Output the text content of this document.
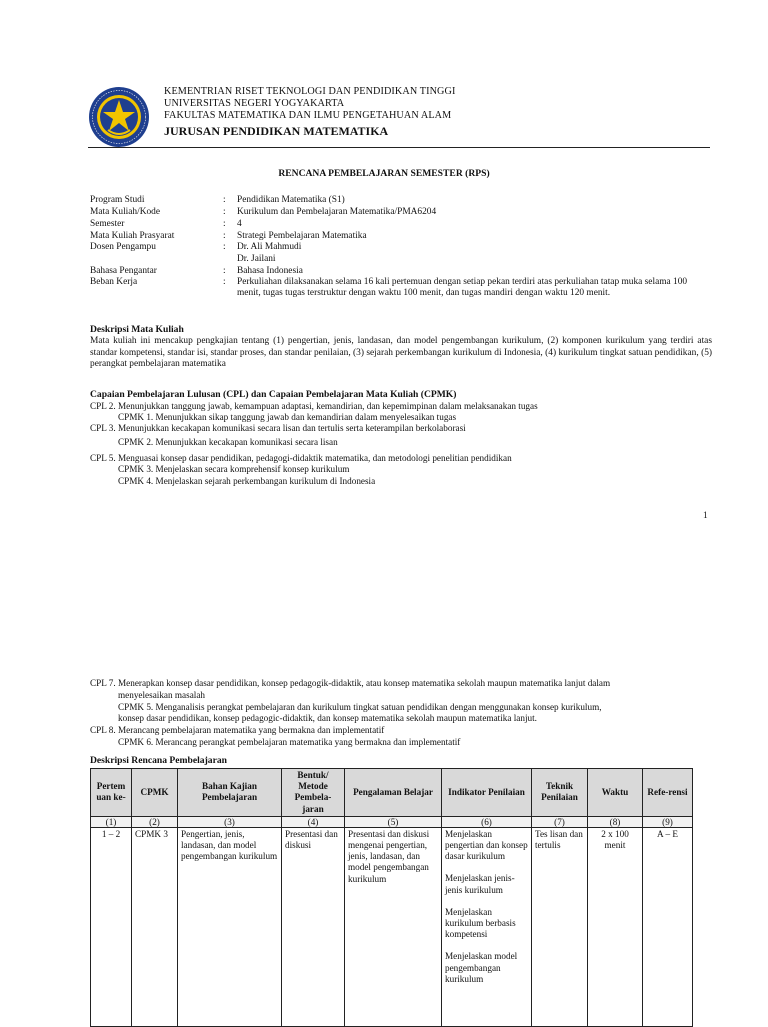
KEMENTRIAN RISET TEKNOLOGI DAN PENDIDIKAN TINGGI
UNIVERSITAS NEGERI YOGYAKARTA
FAKULTAS MATEMATIKA DAN ILMU PENGETAHUAN ALAM
JURUSAN PENDIDIKAN MATEMATIKA
RENCANA PEMBELAJARAN SEMESTER (RPS)
Program Studi	: Pendidikan Matematika (S1)
Mata Kuliah/Kode	: Kurikulum dan Pembelajaran Matematika/PMA6204
Semester	: 4
Mata Kuliah Prasyarat	: Strategi Pembelajaran Matematika
Dosen Pengampu	: Dr. Ali Mahmudi
Dr. Jailani
Bahasa Pengantar	: Bahasa Indonesia
Beban Kerja	: Perkuliahan dilaksanakan selama 16 kali pertemuan dengan setiap pekan terdiri atas perkuliahan tatap muka selama 100 menit, tugas tugas terstruktur dengan waktu 100 menit, dan tugas mandiri dengan waktu 120 menit.
Deskripsi Mata Kuliah
Mata kuliah ini mencakup pengkajian tentang (1) pengertian, jenis, landasan, dan model pengembangan kurikulum, (2) komponen kurikulum yang terdiri atas standar kompetensi, standar isi, standar proses, dan standar penilaian, (3) sejarah perkembangan kurikulum di Indonesia, (4) kurikulum tingkat satuan pendidikan, (5) perangkat pembelajaran matematika
Capaian Pembelajaran Lulusan (CPL) dan Capaian Pembelajaran Mata Kuliah (CPMK)
CPL 2. Menunjukkan tanggung jawab, kemampuan adaptasi, kemandirian, dan kepemimpinan dalam melaksanakan tugas
CPMK 1. Menunjukkan sikap tanggung jawab dan kemandirian dalam menyelesaikan tugas
CPL 3. Menunjukkan kecakapan komunikasi secara lisan dan tertulis serta keterampilan berkolaborasi
CPMK 2. Menunjukkan kecakapan komunikasi secara lisan
CPL 5. Menguasai konsep dasar pendidikan, pedagogi-didaktik matematika, dan metodologi penelitian pendidikan
CPMK 3. Menjelaskan secara komprehensif konsep kurikulum
CPMK 4. Menjelaskan sejarah perkembangan kurikulum di Indonesia
1
CPL 7. Menerapkan konsep dasar pendidikan, konsep pedagogik-didaktik, atau konsep matematika sekolah maupun matematika lanjut dalam
menyelesaikan masalah
CPMK 5. Menganalisis perangkat pembelajaran dan kurikulum tingkat satuan pendidikan dengan menggunakan konsep kurikulum,
konsep dasar pendidikan, konsep pedagogic-didaktik, dan konsep matematika sekolah maupun matematika lanjut.
CPL 8. Merancang pembelajaran matematika yang bermakna dan implementatif
CPMK 6. Merancang perangkat pembelajaran matematika yang bermakna dan implementatif
Deskripsi Rencana Pembelajaran
Pertem uan ke-	CPMK	Bahan Kajian Pembelajaran	Bentuk/ Metode Pembela-jaran	Pengalaman Belajar	Indikator Penilaian	Teknik Penilaian	Waktu	Refe-rensi
(1)	(2)	(3)	(4)	(5)	(6)	(7)	(8)	(9)
1 – 2	CPMK 3	Pengertian, jenis, landasan, dan model pengembangan kurikulum	Presentasi dan diskusi	Presentasi dan diskusi mengenai pengertian, jenis, landasan, dan model pengembangan kurikulum	Menjelaskan pengertian dan konsep dasar kurikulum
Menjelaskan jenis-jenis kurikulum
Menjelaskan kurikulum berbasis kompetensi
Menjelaskan model pengembangan kurikulum	Tes lisan dan tertulis	2 x 100 menit	A – E
